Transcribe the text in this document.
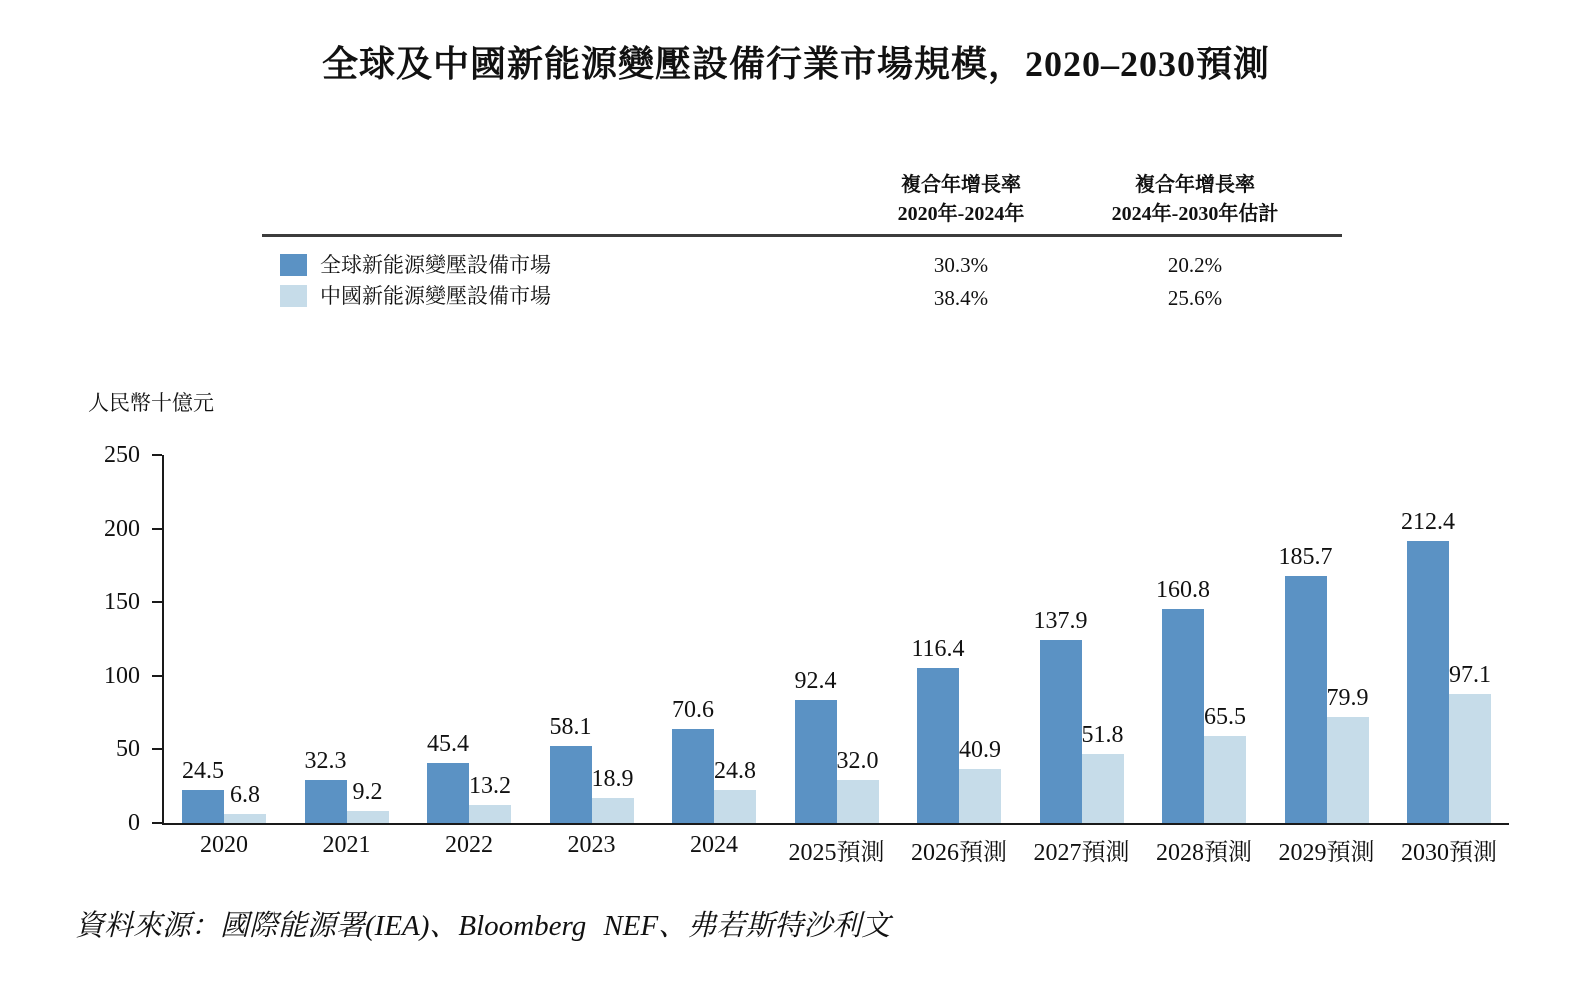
全球及中國新能源變壓設備行業市場規模，2020–2030預測
複合年增長率
2020年-2024年
複合年增長率
2024年-2030年估計
全球新能源變壓設備市場	30.3%	20.2%
中國新能源變壓設備市場	38.4%	25.6%
人民幣十億元
0
50
100
150
200
250
24.5
6.8
2020
32.3
9.2
2021
45.4
13.2
2022
58.1
18.9
2023
70.6
24.8
2024
92.4
32.0
2025預測
116.4
40.9
2026預測
137.9
51.8
2027預測
160.8
65.5
2028預測
185.7
79.9
2029預測
212.4
97.1
2030預測
資料來源：國際能源署(IEA)、Bloomberg NEF、弗若斯特沙利文
